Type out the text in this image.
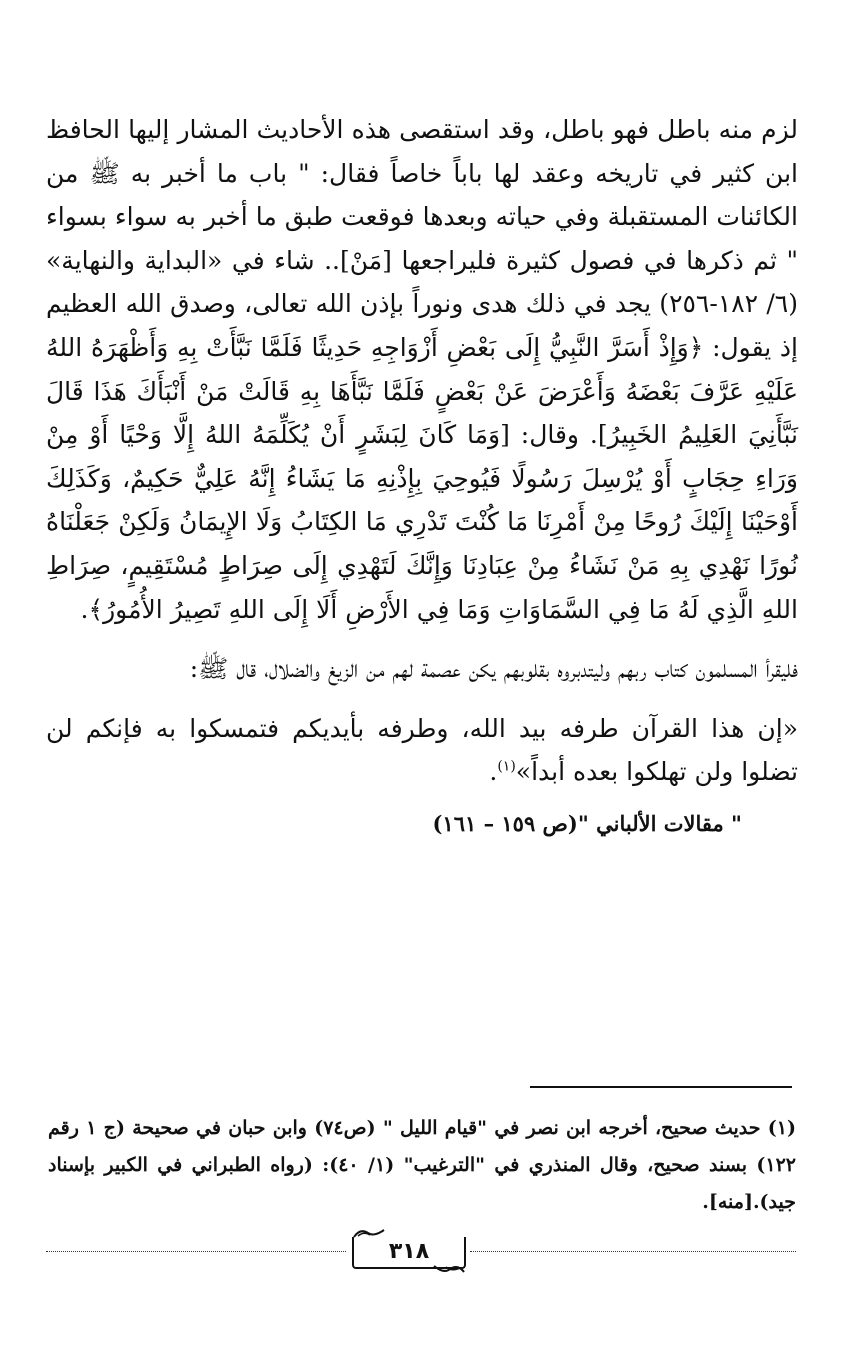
لزم منه باطل فهو باطل، وقد استقصى هذه الأحاديث المشار إليها الحافظ ابن كثير في تاريخه وعقد لها باباً خاصاً فقال: " باب ما أخبر به ﷺ من الكائنات المستقبلة وفي حياته وبعدها فوقعت طبق ما أخبر به سواء بسواء " ثم ذكرها في فصول كثيرة فليراجعها [مَنْ].. شاء في «البداية والنهاية» (٦/ ١٨٢-٢٥٦) يجد في ذلك هدى ونوراً بإذن الله تعالى، وصدق الله العظيم إذ يقول: ﴿وَإِذْ أَسَرَّ النَّبِيُّ إِلَى بَعْضِ أَزْوَاجِهِ حَدِيثًا فَلَمَّا نَبَّأَتْ بِهِ وَأَظْهَرَهُ اللهُ عَلَيْهِ عَرَّفَ بَعْضَهُ وَأَعْرَضَ عَنْ بَعْضٍ فَلَمَّا نَبَّأَهَا بِهِ قَالَتْ مَنْ أَنْبَأَكَ هَذَا قَالَ نَبَّأَنِيَ العَلِيمُ الخَبِيرُ]. وقال: [وَمَا كَانَ لِبَشَرٍ أَنْ يُكَلِّمَهُ اللهُ إِلَّا وَحْيًا أَوْ مِنْ وَرَاءِ حِجَابٍ أَوْ يُرْسِلَ رَسُولًا فَيُوحِيَ بِإِذْنِهِ مَا يَشَاءُ إِنَّهُ عَلِيٌّ حَكِيمٌ، وَكَذَلِكَ أَوْحَيْنَا إِلَيْكَ رُوحًا مِنْ أَمْرِنَا مَا كُنْتَ تَدْرِي مَا الكِتَابُ وَلَا الإِيمَانُ وَلَكِنْ جَعَلْنَاهُ نُورًا نَهْدِي بِهِ مَنْ نَشَاءُ مِنْ عِبَادِنَا وَإِنَّكَ لَتَهْدِي إِلَى صِرَاطٍ مُسْتَقِيمٍ، صِرَاطِ اللهِ الَّذِي لَهُ مَا فِي السَّمَاوَاتِ وَمَا فِي الأَرْضِ أَلَا إِلَى اللهِ تَصِيرُ الأُمُورُ﴾.

فليقرأ المسلمون كتاب ربهم وليتدبروه بقلوبهم يكن عصمة لهم من الزيغ والضلال، قال ﷺ:

«إن هذا القرآن طرفه بيد الله، وطرفه بأيديكم فتمسكوا به فإنكم لن تضلوا ولن تهلكوا بعده أبداً»$^{(١)}$.

" مقالات الألباني "(ص ١٥٩ – ١٦١)

(١) حديث صحيح، أخرجه ابن نصر في "قيام الليل " (ص٧٤) وابن حبان في صحيحة (ج ١ رقم ١٢٢) بسند صحيح، وقال المنذري في "الترغيب" (١/ ٤٠): (رواه الطبراني في الكبير بإسناد جيد).[منه].

٣١٨
